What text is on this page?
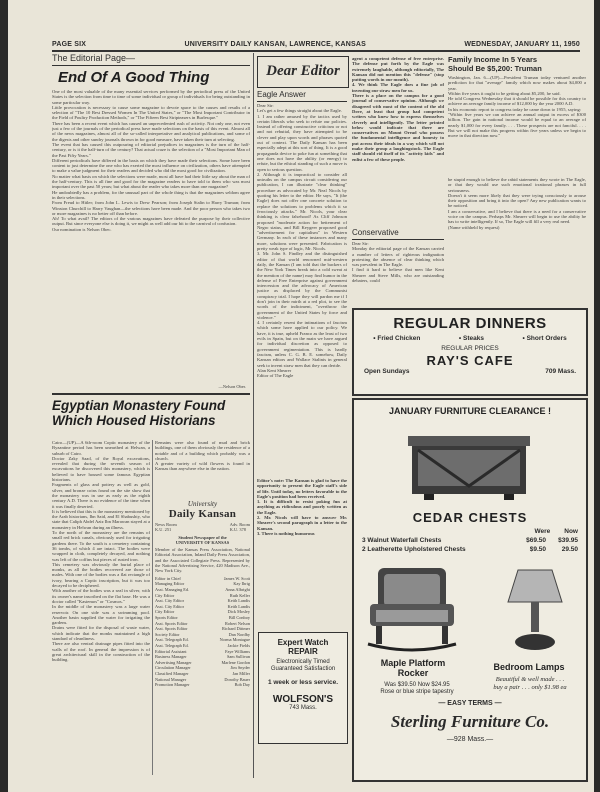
PAGE SIX	UNIVERSITY DAILY KANSAN, LAWRENCE, KANSAS	WEDNESDAY, JANUARY 11, 1950
The Editorial Page—
End Of A Good Thing
One of the most valuable of the many essential services performed by the periodical press of the United States is the selection from time to time of some individual or group of individuals for being outstanding in some particular way.
Little provocation is necessary to cause some magazine to devote space to the causes and results of a selection of "The 10 Best Dressed Women In The United States," or "The Most Important Contributor in the Field of Poultry Production Methods," or "The Fifteen Best Stripteasers in Burlesque."
There has been a recent event which has caused an unprecedented rush of activity. Not only one, not even just a few of the journals of the periodical press have made selections on the basis of this event. Almost all of the news magazines, almost all of the so-called interpretative and analytical publications, and some of the digests and other sundry journals thrown in for good measure, have taken their turn at selecting.
The event that has caused this outpouring of editorial prejudices in magazines is the turn of the half-century, or is it the half-turn of the century? That actual craze is the selection of a "Most Important Man of the Past Fifty Years."
Different periodicals have differed in the basis on which they have made their selections. Some have been content to just determine the one who has exerted the most influence on civilization, others have attempted to make a value judgment for their readers and decided who did the most good for civilization.
No matter what basis on which the selections were made, most all have had their little say about the man of the half-century. This is all fine and good for the magazine readers to have told to them who was most important over the past 50 years; but what about the reader who takes more than one magazine?
He undoubtedly has a problem, for the unusual part of the whole thing is that the magazines seldom agree in their selections.
From Freud to Hitler; from John L. Lewis to Drew Pearson; from Joseph Stalin to Harry Truman; from Winston Churchill to Harry Vaughan—the selections have been made. And the poor person who takes two or more magazines is no better off than before.
Ah! To what avail? The editors of the various magazines have defeated the purpose by their collective output. But since everyone else is doing it, we might as well add our bit to the carnival of confusion.
Our nomination is Nelson Obec.
—Nelson Ober.
Egyptian Monastery Found
Which Housed Historians
Cairo—(UP)—A 6th-room Coptic monastery of the Byzantine period has been unearthed at Helwan, a suburb of Cairo.
Doctor Zaky Saad, of the Royal excavations, revealed that during the seventh season of excavations he discovered this monastery, which is believed to have housed some famous Egyptian historians.
Fragments of glass and pottery as well as gold, silver, and bronze coins found on the site show that the monastery was in use as early as the eighth century A.D. There is no evidence of the time when it was finally deserted.
It is believed that this is the monastery mentioned by the Arab historians, Ibn Said, and El Shabushty, who state that Caliph Abdel Aziz Ibn Marawan stayed at a monastery in Helwan during an illness.
To the north of the monastery are the remains of small red brick canals, obviously used for irrigating gardens there. To the south is a cemetery containing 36 tombs, of which 4 are intact. The bodies were wrapped in cloth, completely decayed, and nothing was left of the coffins but pieces of rusted iron.
This cemetery was obviously the burial place of monks, as all the bodies recovered are those of males. With one of the bodies was a flat rectangle of ivory, bearing a Coptic inscription, but it was too decayed to be deciphered.
With another of the bodies was a seal in silver, with its owner's name inscribed on the flat base. He was a doctor called "Kasiemos" or "Cosmos."
In the middle of the monastery was a large water reservoir. On one side was a swimming pool. Another basin supplied the water for irrigating the gardens.
Drains were fitted for the disposal of waste water, which indicate that the monks maintained a high standard of cleanliness.
There are also ventral drainage pipes fitted into the walls of the roof. In general the impression is of great architectural skill in the construction of the building.
Remains were also found of mud and brick buildings, one of them obviously the residence of a notable and of a building which probably was a church.
A greater variety of wild flowers is found in Kansas than anywhere else in the nation.
University
Daily Kansan
News Room
K.U. 251
Adv. Room
K.U. 378
Student Newspaper of the
UNIVERSITY OF KANSAS
Member of the Kansas Press Association, National Editorial Association, Inland Daily Press Association, and the Associated Collegiate Press. Represented by the National Advertising Service, 420 Madison Ave., New York City.
Editor in Chief	James W. Scott
Managing Editor	Kay Ihrig
Asst. Managing Ed.	Anna Albright
City Editor	Ruth Keller
Asst. City Editor	Keith Landis
Asst. City Editor	Keith Landis
City Editor	Dick Mosley
Sports Editor	Bill Conboy
Asst. Sports Editor	Robert Nelson
Asst. Sports Editor	Richard Dittmer
Society Editor	Dan Nordby
Asst. Telegraph Ed.	Norma Montague
Asst. Telegraph Ed.	Jackie Fields
Editorial Assistant	Faye Williams
Business Manager	Sam Sullivan
Advertising Manager	Marlene Gordon
Circulation Manager	Jim Snyder
Classified Manager	Jan Miller
National Manager	Dorothy Bauer
Promotion Manager	Bob Day
Dear Editor
Eagle Answer
Dear Sir:
Let's get a few things straight about the Eagle.
1. I am rather amused by the tactics used by certain liberals who seek to refute our policies. Instead of offering constructive criticism or not and not rebuttal, they have attempted to be clever and play upon words and phrases quoted out of context. The Daily Kansan has been especially adept at this sort of thing. It is a good propaganda device to poke fun at something that one does not have the ability (or energy) to refute, but the ethical standing of such a move is open to serious question.
2. Although it is impractical to consider all untruths on the campus circuit considering our publication, I can illustrate "clear thinking" procedure as advocated by Mr. Neal Nicols by quoting his letter to the editor. He says, "It (the Eagle) does not offer one concrete solution to replace the solutions to problems which it so ferociously attacks." Mr. Nicols, your clear thinking is clear falsehood! As Cliff Johnson proposed "moderate action for betterment of Negro status, and Bill Keygeer proposed good "advertisement for capitalism" in Western Germany. In each of these instances and many more, solutions were presented. Fabrication is pretty weak type of logic, Mr. Nicols.
3. Mr. John S. Findley and the distinguished editor of that world renowned mid-western daily, the Kansan (I am told that the backers of the New York Times break into a cold sweat at the mention of the name) may find humor in the defense of Free Enterprise against government intercession and the advocacy of American justice as displaced by the Communist conspiracy trial. I hope they will pardon me if I don't join in their mirth at a red plot, to see the words of the indictment, "overthrow the government of the United States by force and violence."
4. I certainly resent the intimations of fascism which some have applied to our policy. We have, it is true, upheld Franco as the least of two evils in Spain, but on the main we have argued for individual discretion as opposed to government regimentation. This is hardly fascism, unless C. G. B. E. somehow, Daily Kansan editors and Wallace Stalinis in general seek to invent straw men that they can deride.
Alan Kent Shearer
Editor of The Eagle
Editor's note: The Kansan is glad to have the opportunity to present the Eagle staff's side of life. Until today, no letters favorable to the Eagle's position had been received.
1. It is difficult to resist poking fun at anything as ridiculous and poorly written as the Eagle.
2. Mr. Nicols will have to answer Mr. Shearer's second paragraph in a letter to the Kansan.
3. There is nothing humorous
Expert Watch
REPAIR
Electronically Timed
Guaranteed Satisfaction
1 week or less service.
WOLFSON'S
743 Mass.
agent a competent defense of free enterprise. The defense put forth by the Eagle was extremely laughable, although editorially, The Kansan did not mention this "defense" (stop putting words in our mouth).
4. We think The Eagle does a fine job of inventing our straw men for us.
There is a place on the campus for a good journal of conservative opinion. Although we disagreed with most of the content of the old Dove, at least that group had competent writers who knew how to express themselves cleverly and intelligently. The letter printed below would indicate that there are conservatives on Mount Oread who possess the fundamental intelligence and honesty to put across their ideals in a way which will not make their group a laughingstock. The Eagle staff should rid itself of its "activity kids" and enlist a few of these people.
Conservative
Dear Sir:
Monday the editorial page of the Kansan carried a number of letters of righteous indignation protesting the absence of clear thinking which was prevalent in The Eagle.
I find it hard to believe that men like Kent Shearer and Steve Mills, who are outstanding debaters, could
Family Income In 5 Years
Should Be $5,200: Truman
Washington, Jan. 6—(UP)—President Truman today ventured another prediction for that "average" family which now makes about $4,000 a year.
Within five years it ought to be getting about $5,200, he said.
He told Congress Wednesday that it should be possible for this country to achieve an average family income of $12,000 by the year 2000 A.D.
In his economic report to congress today he came down to 1955, saying:
"Within five years we can achieve an annual output in excess of $300 billion. The gain in national income would be equal to an average of nearly $1,000 for every family. . . . These prospects are not fanciful. . . . But we will not make this progress within five years unless we begin to move in that direction now."
be stupid enough to believe the rabid statements they wrote in The Eagle, or that they would use such emotional irrational phrases in full seriousness.
Doesn't it seem more likely that they were trying consciously to arouse their opposition and bring it into the open? Any new publication wants to be noticed.
I am a conservative, and I believe that there is a need for a conservative voice on the campus. Perhaps Mr. Shearer will begin to use the ability he has to write intelligently. If so, The Eagle will fill a very real need.
(Name withheld by request)
REGULAR DINNERS
• Fried Chicken	• Steaks	• Short Orders
REGULAR PRICES
RAY'S CAFE
Open Sundays	709 Mass.
JANUARY FURNITURE CLEARANCE !
CEDAR CHESTS
Were Now
3 Walnut Waterfall Chests	$69.50	$39.95
2 Leatherette Upholstered Chests	$9.50	29.50
Maple Platform
Rocker
Was $39.50 Now $24.95
Rose or blue stripe tapestry
Bedroom Lamps
Beautiful & well made . . .
buy a pair . . . only $1.98 ea
— EASY TERMS —
Sterling Furniture Co.
—928 Mass.—
